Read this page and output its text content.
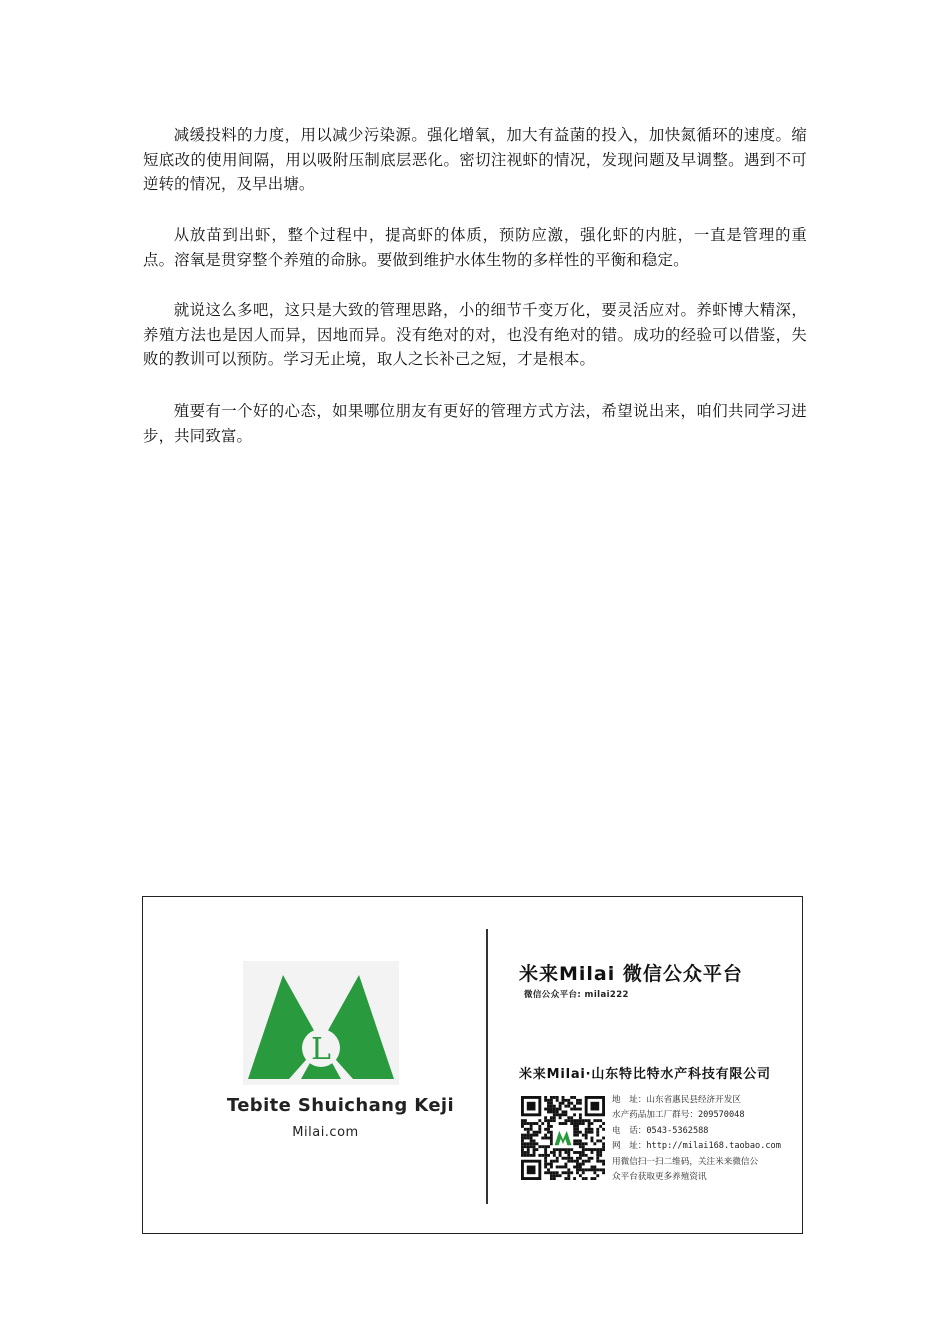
减缓投料的力度，用以减少污染源。强化增氧，加大有益菌的投入，加快氮循环的速度。缩短底改的使用间隔，用以吸附压制底层恶化。密切注视虾的情况，发现问题及早调整。遇到不可逆转的情况，及早出塘。

从放苗到出虾，整个过程中，提高虾的体质，预防应激，强化虾的内脏，一直是管理的重点。溶氧是贯穿整个养殖的命脉。要做到维护水体生物的多样性的平衡和稳定。

就说这么多吧，这只是大致的管理思路，小的细节千变万化，要灵活应对。养虾博大精深，养殖方法也是因人而异，因地而异。没有绝对的对，也没有绝对的错。成功的经验可以借鉴，失败的教训可以预防。学习无止境，取人之长补己之短，才是根本。

殖要有一个好的心态，如果哪位朋友有更好的管理方式方法，希望说出来，咱们共同学习进步，共同致富。

L
Tebite Shuichang Keji
Milai.com
米来Milai 微信公众平台
微信公众平台: milai222
米来Milai·山东特比特水产科技有限公司
地　址：山东省惠民县经济开发区
水产药品加工厂群号：209570048
电　话：0543-5362588
网　址：http://milai168.taobao.com
用微信扫一扫二维码，关注米来微信公
众平台获取更多养殖资讯
